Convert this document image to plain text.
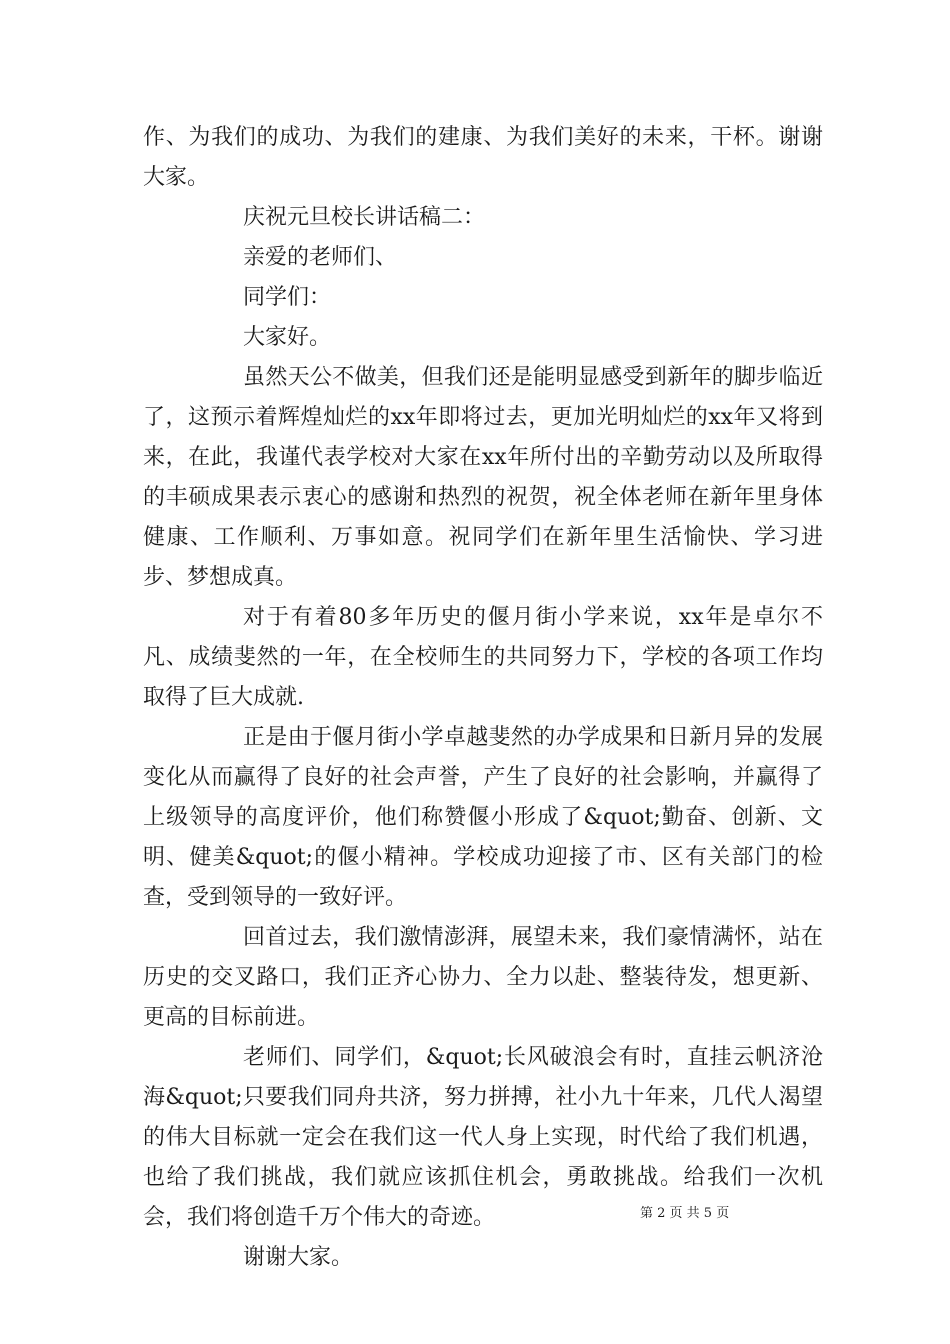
作、为我们的成功、为我们的建康、为我们美好的未来，干杯。谢谢大家。

庆祝元旦校长讲话稿二：

亲爱的老师们、

同学们：

大家好。

虽然天公不做美，但我们还是能明显感受到新年的脚步临近了，这预示着辉煌灿烂的xx年即将过去，更加光明灿烂的xx年又将到来，在此，我谨代表学校对大家在xx年所付出的辛勤劳动以及所取得的丰硕成果表示衷心的感谢和热烈的祝贺，祝全体老师在新年里身体健康、工作顺利、万事如意。祝同学们在新年里生活愉快、学习进步、梦想成真。

对于有着80多年历史的偃月街小学来说，xx年是卓尔不凡、成绩斐然的一年，在全校师生的共同努力下，学校的各项工作均取得了巨大成就.

正是由于偃月街小学卓越斐然的办学成果和日新月异的发展变化从而赢得了良好的社会声誉，产生了良好的社会影响，并赢得了上级领导的高度评价，他们称赞偃小形成了&quot;勤奋、创新、文明、健美&quot;的偃小精神。学校成功迎接了市、区有关部门的检查，受到领导的一致好评。

回首过去，我们激情澎湃，展望未来，我们豪情满怀，站在历史的交叉路口，我们正齐心协力、全力以赴、整装待发，想更新、更高的目标前进。

老师们、同学们，&quot;长风破浪会有时，直挂云帆济沧海&quot;只要我们同舟共济，努力拼搏，社小九十年来，几代人渴望的伟大目标就一定会在我们这一代人身上实现，时代给了我们机遇，也给了我们挑战，我们就应该抓住机会，勇敢挑战。给我们一次机会，我们将创造千万个伟大的奇迹。

谢谢大家。

第 2 页 共 5 页
